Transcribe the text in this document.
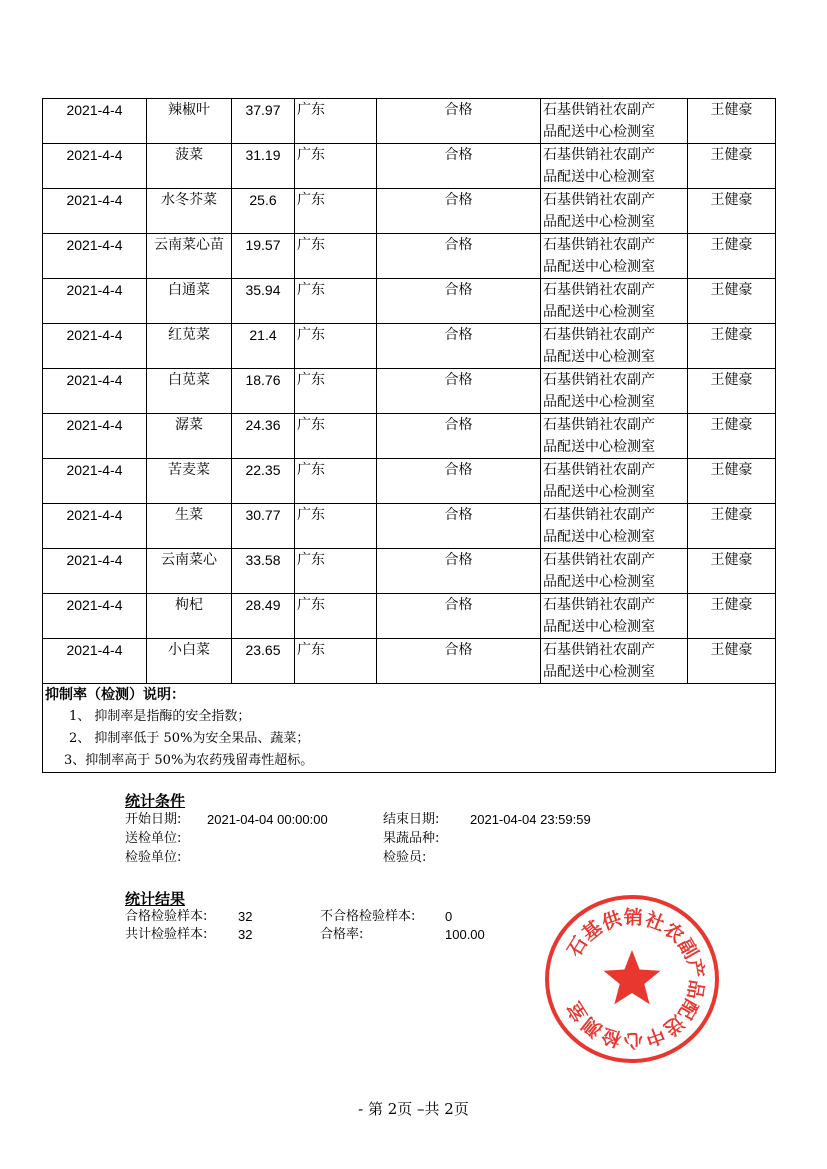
2021-4-4	辣椒叶	37.97	广东	合格	石基供销社农副产
品配送中心检测室	王健豪
2021-4-4	菠菜	31.19	广东	合格	石基供销社农副产
品配送中心检测室	王健豪
2021-4-4	水冬芥菜	25.6	广东	合格	石基供销社农副产
品配送中心检测室	王健豪
2021-4-4	云南菜心苗	19.57	广东	合格	石基供销社农副产
品配送中心检测室	王健豪
2021-4-4	白通菜	35.94	广东	合格	石基供销社农副产
品配送中心检测室	王健豪
2021-4-4	红苋菜	21.4	广东	合格	石基供销社农副产
品配送中心检测室	王健豪
2021-4-4	白苋菜	18.76	广东	合格	石基供销社农副产
品配送中心检测室	王健豪
2021-4-4	潺菜	24.36	广东	合格	石基供销社农副产
品配送中心检测室	王健豪
2021-4-4	苦麦菜	22.35	广东	合格	石基供销社农副产
品配送中心检测室	王健豪
2021-4-4	生菜	30.77	广东	合格	石基供销社农副产
品配送中心检测室	王健豪
2021-4-4	云南菜心	33.58	广东	合格	石基供销社农副产
品配送中心检测室	王健豪
2021-4-4	枸杞	28.49	广东	合格	石基供销社农副产
品配送中心检测室	王健豪
2021-4-4	小白菜	23.65	广东	合格	石基供销社农副产
品配送中心检测室	王健豪

抑制率（检测）说明：
1、 抑制率是指酶的安全指数；
2、 抑制率低于 50%为安全果品、蔬菜；
3、抑制率高于 50%为农药残留毒性超标。						
统计条件
开始日期: 2021-04-04 00:00:00	结束日期: 2021-04-04 23:59:59
送检单位:	果蔬品种:
检验单位:	检验员:
统计结果
合格检验样本: 32	不合格检验样本: 0
共计检验样本: 32	合格率:	100.00	石
基
供 销 社
农
副
产
品
配
送
中
心
检
测
室
- 第 2页 –共 2页
